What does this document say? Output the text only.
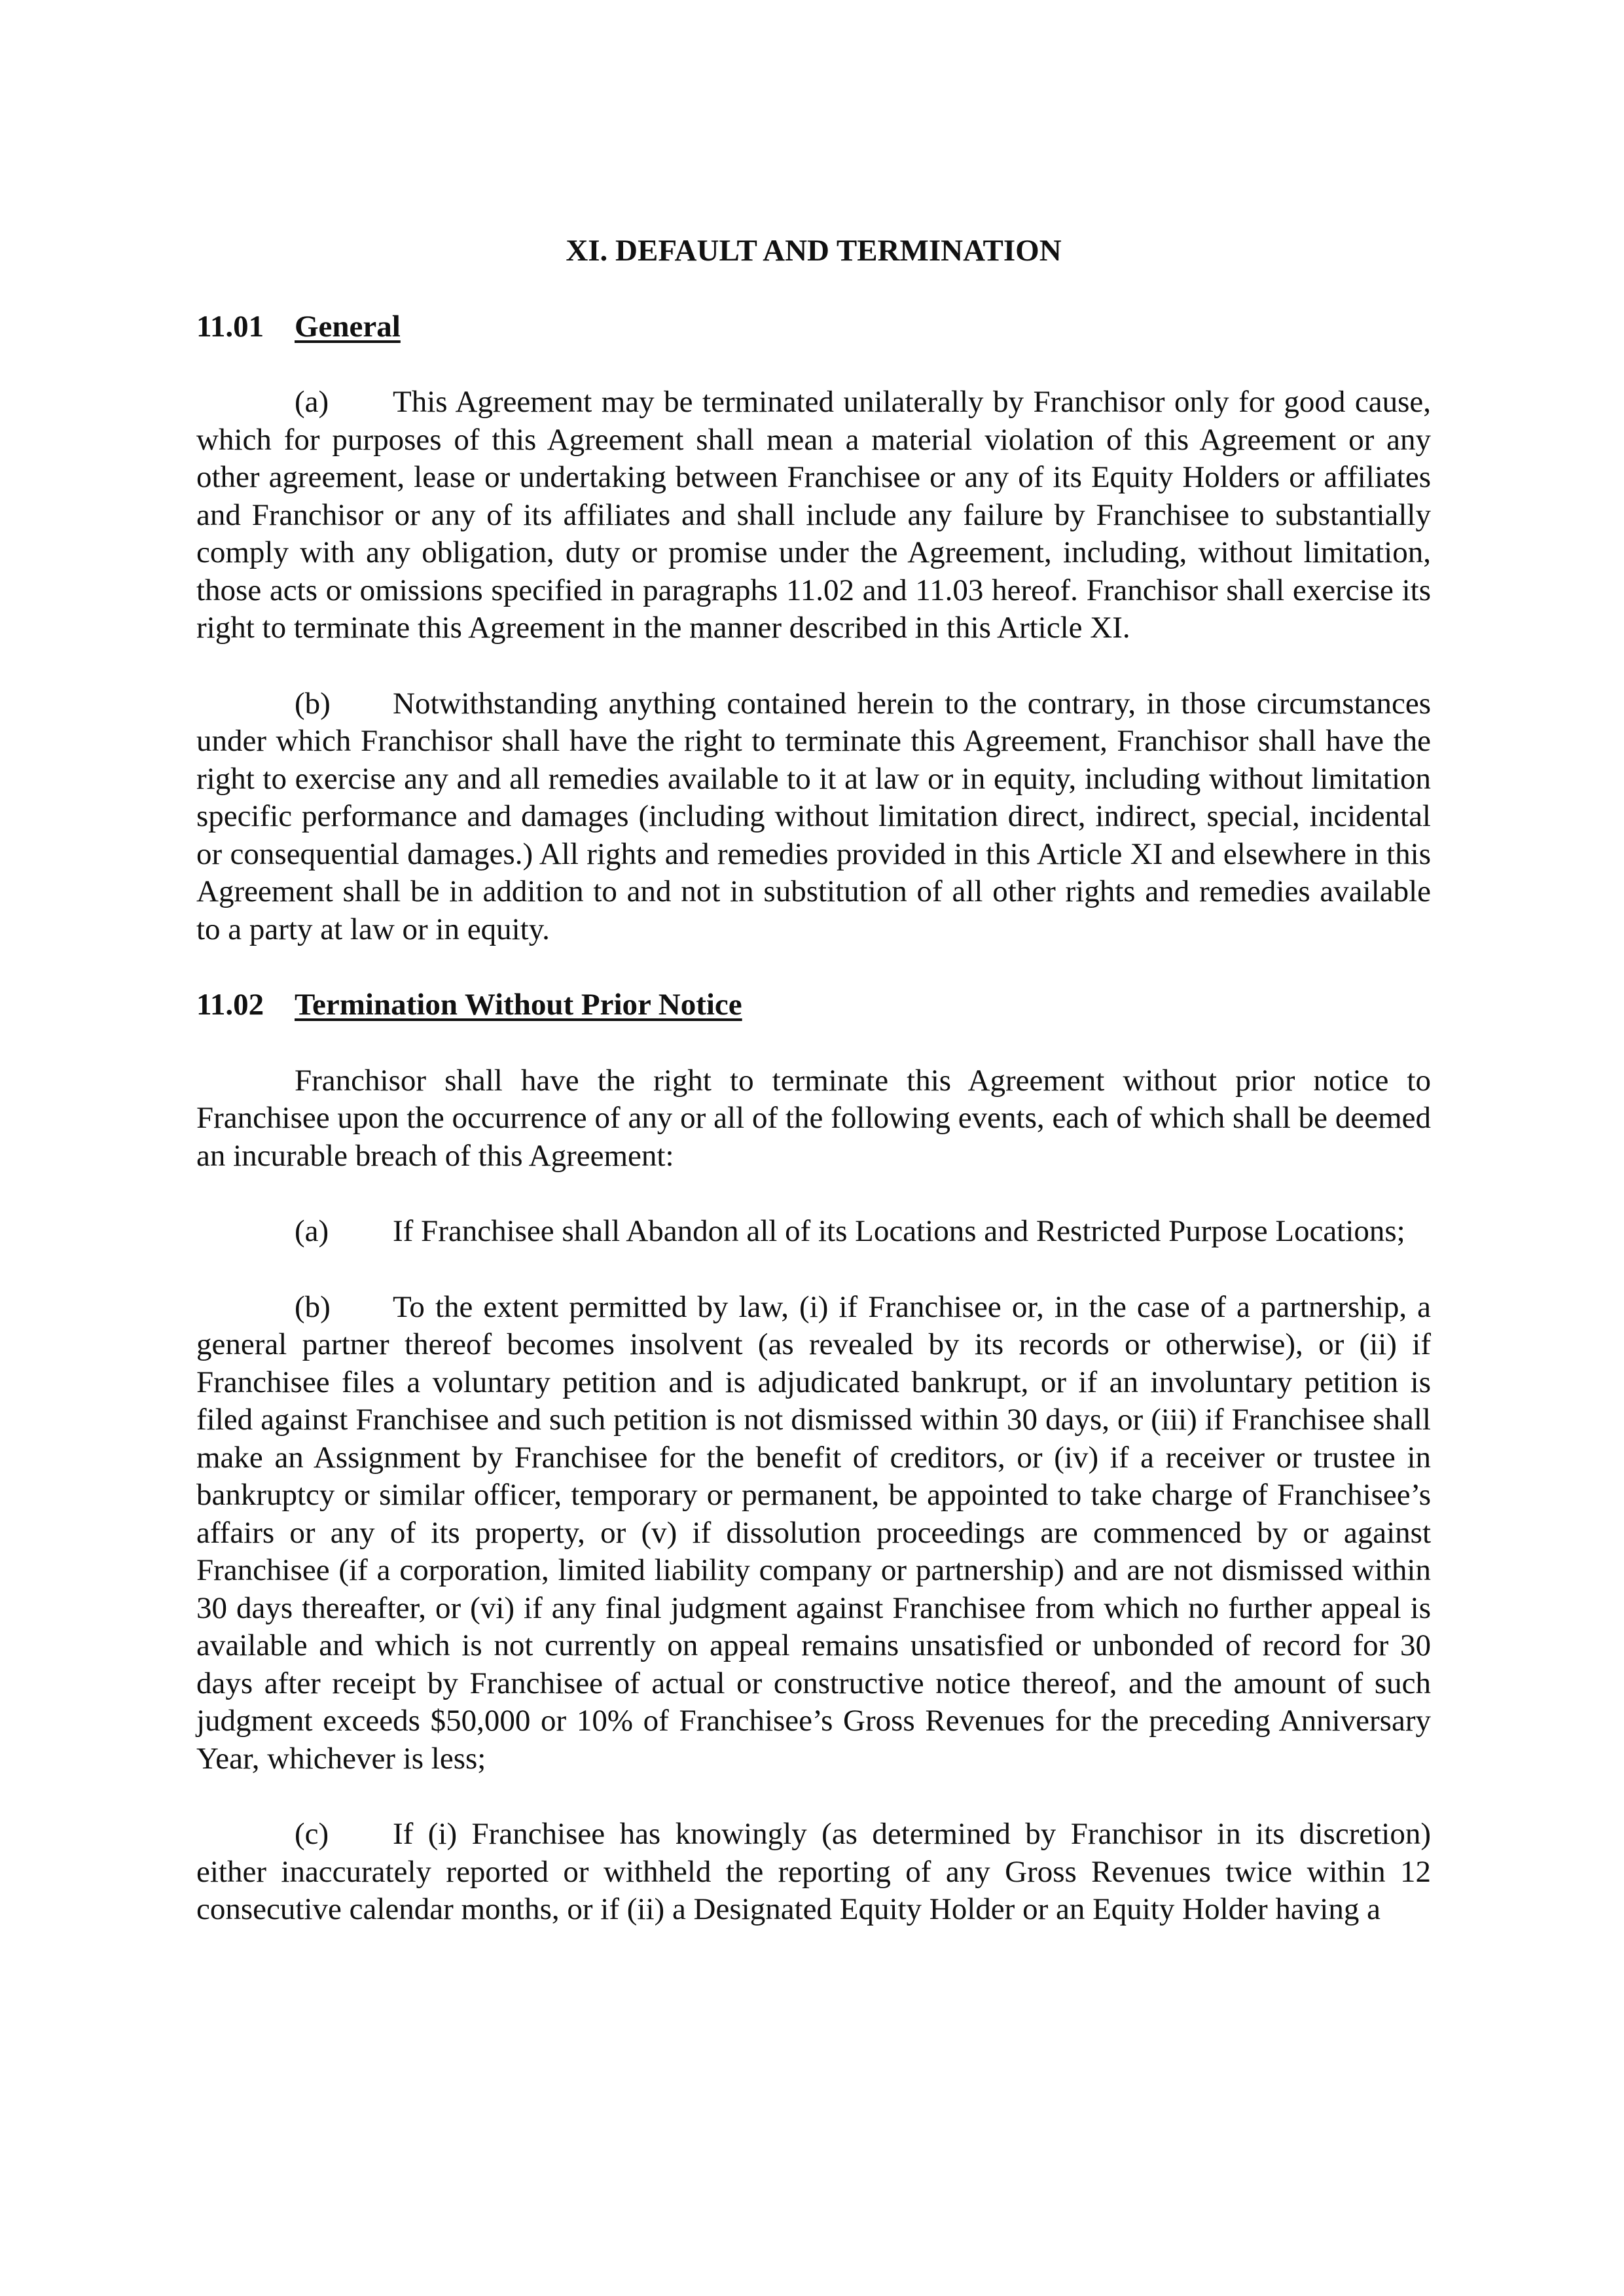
XI. DEFAULT AND TERMINATION
11.01 General

(a) This Agreement may be terminated unilaterally by Franchisor only for good cause, which for purposes of this Agreement shall mean a material violation of this Agreement or any other agreement, lease or undertaking between Franchisee or any of its Equity Holders or affiliates and Franchisor or any of its affiliates and shall include any failure by Franchisee to substantially comply with any obligation, duty or promise under the Agreement, including, without limitation, those acts or omissions specified in paragraphs 11.02 and 11.03 hereof. Franchisor shall exercise its right to terminate this Agreement in the manner described in this Article XI.

(b) Notwithstanding anything contained herein to the contrary, in those circumstances under which Franchisor shall have the right to terminate this Agreement, Franchisor shall have the right to exercise any and all remedies available to it at law or in equity, including without limitation specific performance and damages (including without limitation direct, indirect, special, incidental or consequential damages.) All rights and remedies provided in this Article XI and elsewhere in this Agreement shall be in addition to and not in substitution of all other rights and remedies available to a party at law or in equity.

11.02 Termination Without Prior Notice

Franchisor shall have the right to terminate this Agreement without prior notice to Franchisee upon the occurrence of any or all of the following events, each of which shall be deemed an incurable breach of this Agreement:

(a) If Franchisee shall Abandon all of its Locations and Restricted Purpose Locations;

(b) To the extent permitted by law, (i) if Franchisee or, in the case of a partnership, a general partner thereof becomes insolvent (as revealed by its records or otherwise), or (ii) if Franchisee files a voluntary petition and is adjudicated bankrupt, or if an involuntary petition is filed against Franchisee and such petition is not dismissed within 30 days, or (iii) if Franchisee shall make an Assignment by Franchisee for the benefit of creditors, or (iv) if a receiver or trustee in bankruptcy or similar officer, temporary or permanent, be appointed to take charge of Franchisee’s affairs or any of its property, or (v) if dissolution proceedings are commenced by or against Franchisee (if a corporation, limited liability company or partnership) and are not dismissed within 30 days thereafter, or (vi) if any final judgment against Franchisee from which no further appeal is available and which is not currently on appeal remains unsatisfied or unbonded of record for 30 days after receipt by Franchisee of actual or constructive notice thereof, and the amount of such judgment exceeds $50,000 or 10% of Franchisee’s Gross Revenues for the preceding Anniversary Year, whichever is less;

(c) If (i) Franchisee has knowingly (as determined by Franchisor in its discretion) either inaccurately reported or withheld the reporting of any Gross Revenues twice within 12 consecutive calendar months, or if (ii) a Designated Equity Holder or an Equity Holder having a
